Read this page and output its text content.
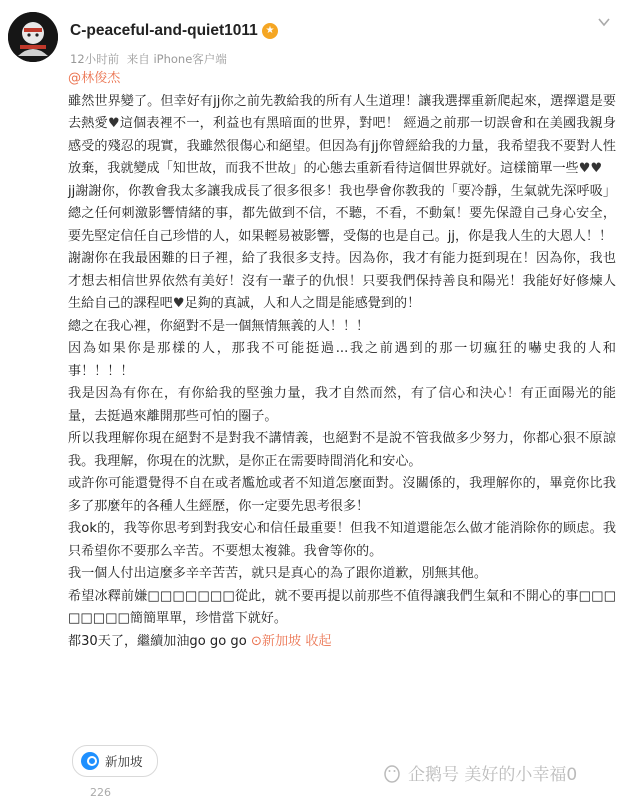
C-peaceful-and-quiet1011 ★
12小时前 来自 iPhone客户端

@林俊杰

雖然世界變了。但幸好有jj你之前先教給我的所有人生道理！讓我選擇重新爬起來，選擇還是要去熱愛♥這個表裡不一，利益也有黑暗面的世界，對吧！ 經過之前那一切誤會和在美國我親身感受的殘忍的現實，我雖然很傷心和絕望。但因為有jj你曾經給我的力量，我希望我不要對人性放棄，我就變成「知世故，而我不世故」的心態去重新看待這個世界就好。這樣簡單一些♥♥

jj謝謝你，你教會我太多讓我成長了很多很多！我也學會你教我的「要冷靜，生氣就先深呼吸」總之任何刺激影響情緒的事，都先做到不信，不聽，不看，不動氣！要先保證自己身心安全，要先堅定信任自己珍惜的人，如果輕易被影響，受傷的也是自己。jj，你是我人生的大恩人！！

謝謝你在我最困難的日子裡，給了我很多支持。因為你，我才有能力挺到現在！因為你，我也才想去相信世界依然有美好！沒有一輩子的仇恨！只要我們保持善良和陽光！我能好好修煉人生給自己的課程吧♥足夠的真誠，人和人之間是能感覺到的！

總之在我心裡，你絕對不是一個無情無義的人！！！

因為如果你是那樣的人，那我不可能挺過...我之前遇到的那一切瘋狂的嚇史我的人和事！！！！

我是因為有你在，有你給我的堅強力量，我才自然而然，有了信心和決心！有正面陽光的能量，去挺過來離開那些可怕的圈子。

所以我理解你現在絕對不是對我不講情義，也絕對不是說不管我做多少努力，你都心狠不原諒我。我理解，你現在的沈默，是你正在需要時間消化和安心。

或許你可能還覺得不自在或者尷尬或者不知道怎麼面對。沒關係的，我理解你的，畢竟你比我多了那麼年的各種人生經歷，你一定要先思考很多！

我ok的，我等你思考到對我安心和信任最重要！但我不知道還能怎么做才能消除你的顾虑。我只希望你不要那么辛苦。不要想太複雜。我會等你的。

我一個人付出這麼多辛辛苦苦，就只是真心的為了跟你道歉，別無其他。

希望冰釋前嫌□□□□□□□從此，就不要再提以前那些不值得讓我們生氣和不開心的事□□□□□□□□簡簡單單，珍惜當下就好。

都30天了，繼續加油go go go ⊙新加坡 收起

新加坡
企鹅号 美好的小幸福0
226
